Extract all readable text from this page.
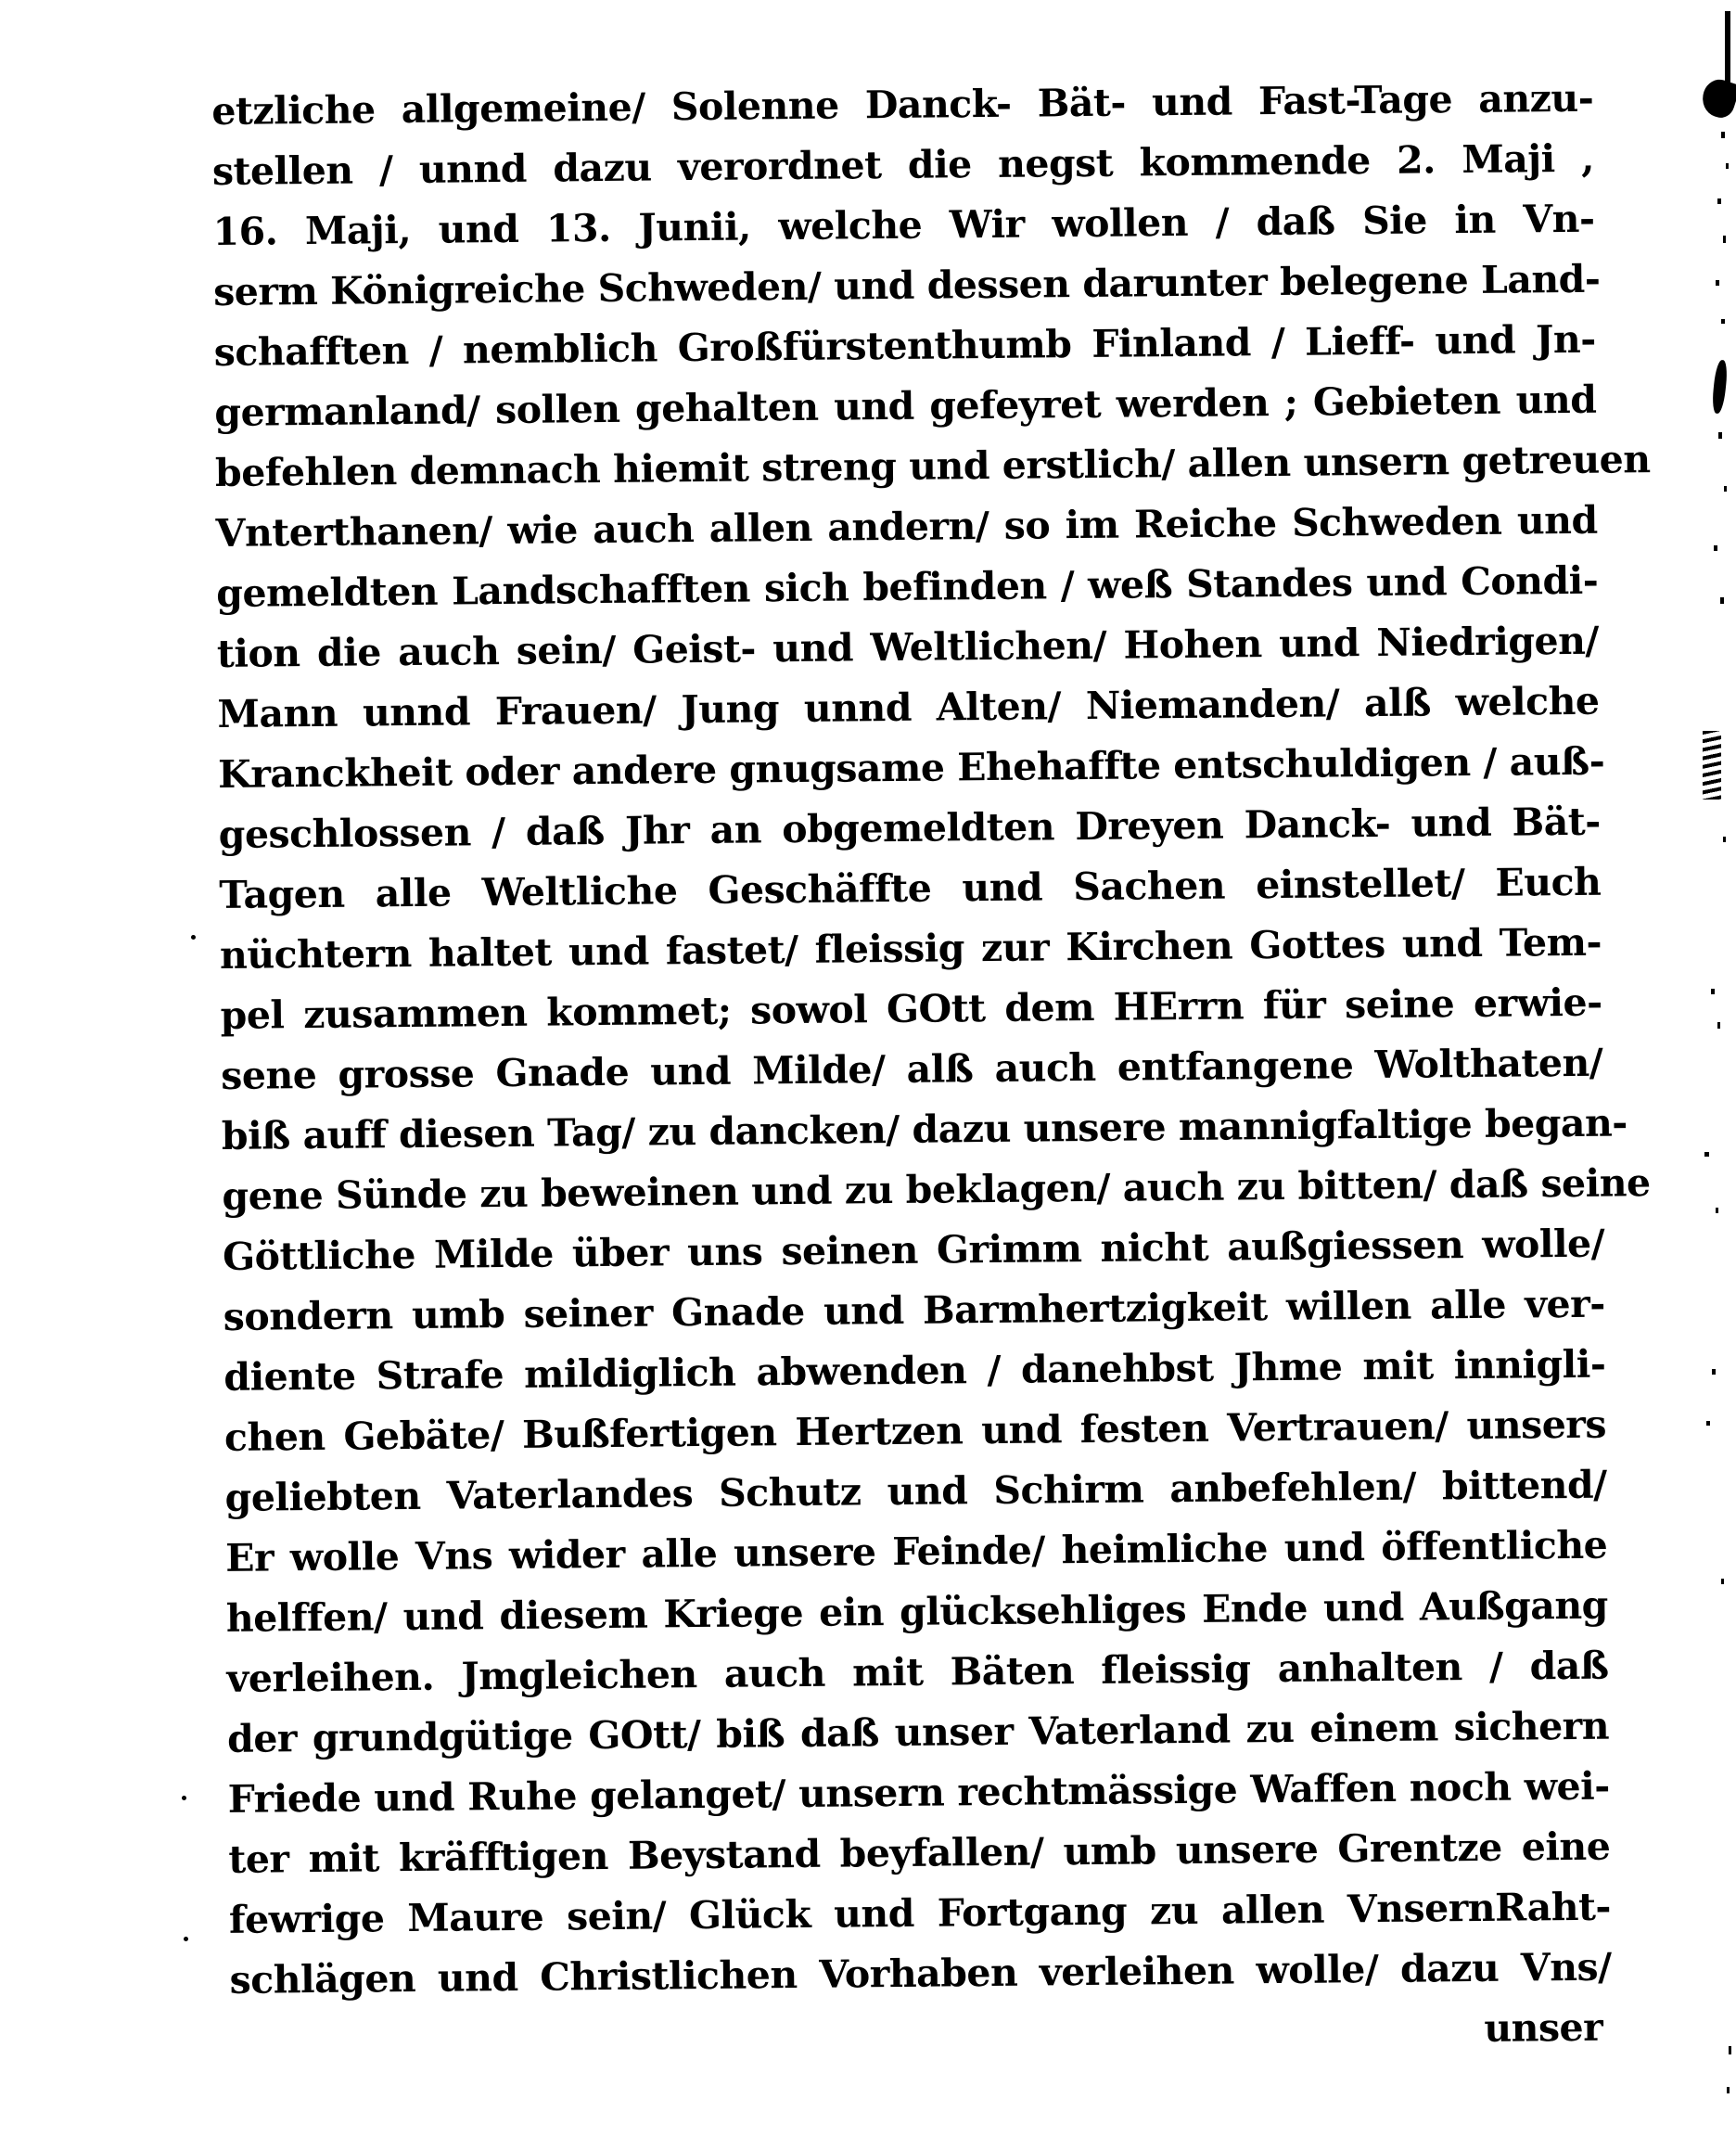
etzliche allgemeine/ Solenne Danck- Bät- und Fast-Tage anzu-

stellen / unnd dazu verordnet die negst kommende 2. Maji ,

16. Maji, und 13. Junii, welche Wir wollen / daß Sie in Vn-

serm Königreiche Schweden/ und dessen darunter belegene Land-

schafften / nemblich Großfürstenthumb Finland / Lieff- und Jn-

germanland/ sollen gehalten und gefeyret werden ; Gebieten und

befehlen demnach hiemit streng und erstlich/ allen unsern getreuen

Vnterthanen/ wie auch allen andern/ so im Reiche Schweden und

gemeldten Landschafften sich befinden / weß Standes und Condi-

tion die auch sein/ Geist- und Weltlichen/ Hohen und Niedrigen/

Mann unnd Frauen/ Jung unnd Alten/ Niemanden/ alß welche

Kranckheit oder andere gnugsame Ehehaffte entschuldigen / auß-

geschlossen / daß Jhr an obgemeldten Dreyen Danck- und Bät-

Tagen alle Weltliche Geschäffte und Sachen einstellet/ Euch

nüchtern haltet und fastet/ fleissig zur Kirchen Gottes und Tem-

pel zusammen kommet; sowol GOtt dem HErrn für seine erwie-

sene grosse Gnade und Milde/ alß auch entfangene Wolthaten/

biß auff diesen Tag/ zu dancken/ dazu unsere mannigfaltige began-

gene Sünde zu beweinen und zu beklagen/ auch zu bitten/ daß seine

Göttliche Milde über uns seinen Grimm nicht außgiessen wolle/

sondern umb seiner Gnade und Barmhertzigkeit willen alle ver-

diente Strafe mildiglich abwenden / danehbst Jhme mit innigli-

chen Gebäte/ Bußfertigen Hertzen und festen Vertrauen/ unsers

geliebten Vaterlandes Schutz und Schirm anbefehlen/ bittend/

Er wolle Vns wider alle unsere Feinde/ heimliche und öffentliche

helffen/ und diesem Kriege ein glücksehliges Ende und Außgang

verleihen. Jmgleichen auch mit Bäten fleissig anhalten / daß

der grundgütige GOtt/ biß daß unser Vaterland zu einem sichern

Friede und Ruhe gelanget/ unsern rechtmässige Waffen noch wei-

ter mit kräfftigen Beystand beyfallen/ umb unsere Grentze eine

fewrige Maure sein/ Glück und Fortgang zu allen VnsernRaht-

schlägen und Christlichen Vorhaben verleihen wolle/ dazu Vns/

unser
